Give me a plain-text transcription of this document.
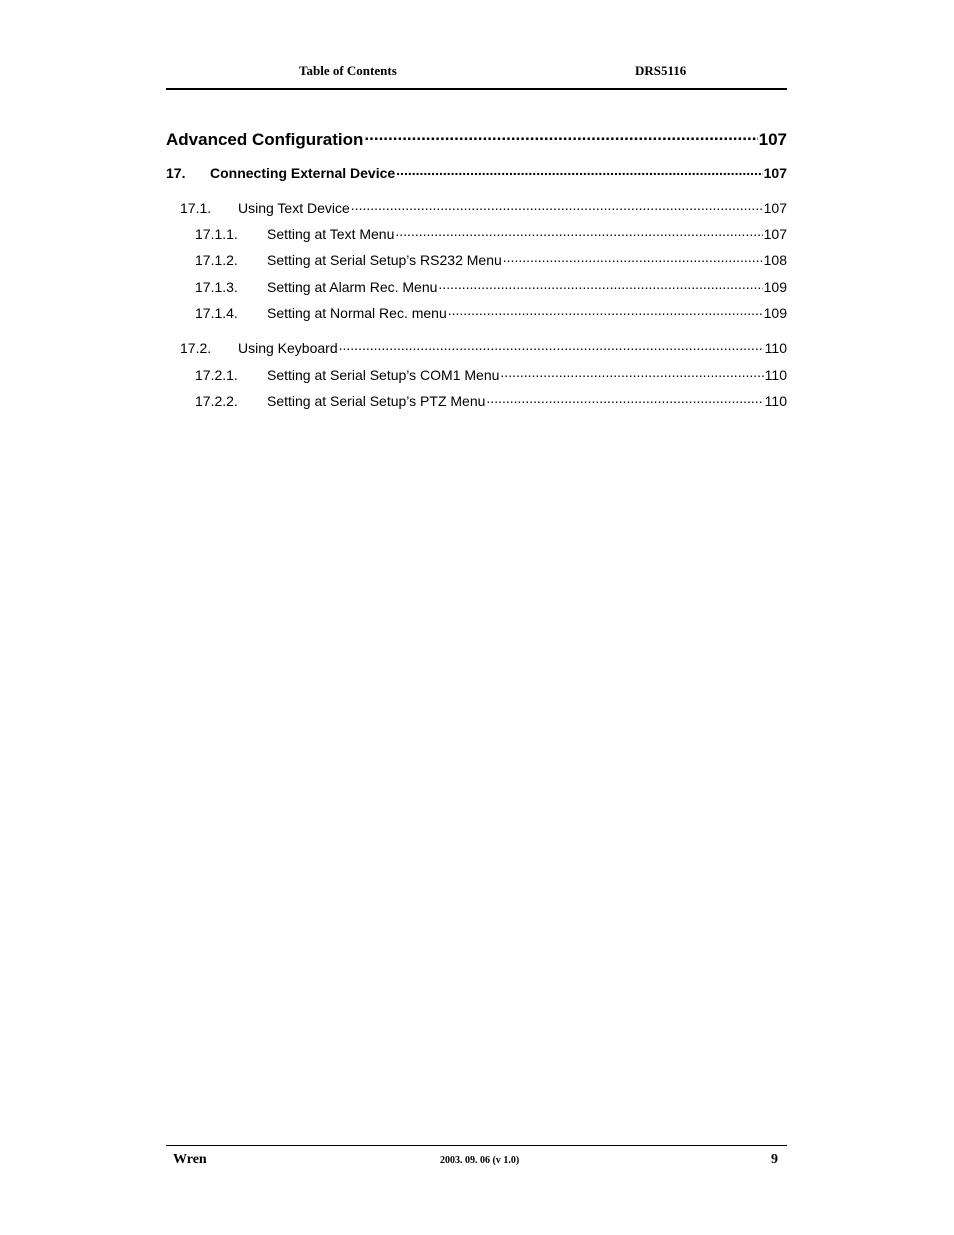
Table of Contents	DRS5116
Advanced Configuration .....	107
17.	Connecting External Device .....	107
17.1.	Using Text Device .....	107
17.1.1.	Setting at Text Menu .....	107
17.1.2.	Setting at Serial Setup’s RS232 Menu .....	108
17.1.3.	Setting at Alarm Rec. Menu .....	109
17.1.4.	Setting at Normal Rec. menu .....	109
17.2.	Using Keyboard .....	110
17.2.1.	Setting at Serial Setup’s COM1 Menu .....	110
17.2.2.	Setting at Serial Setup’s PTZ Menu .....	110
Wren	2003. 09. 06 (v 1.0)	9
